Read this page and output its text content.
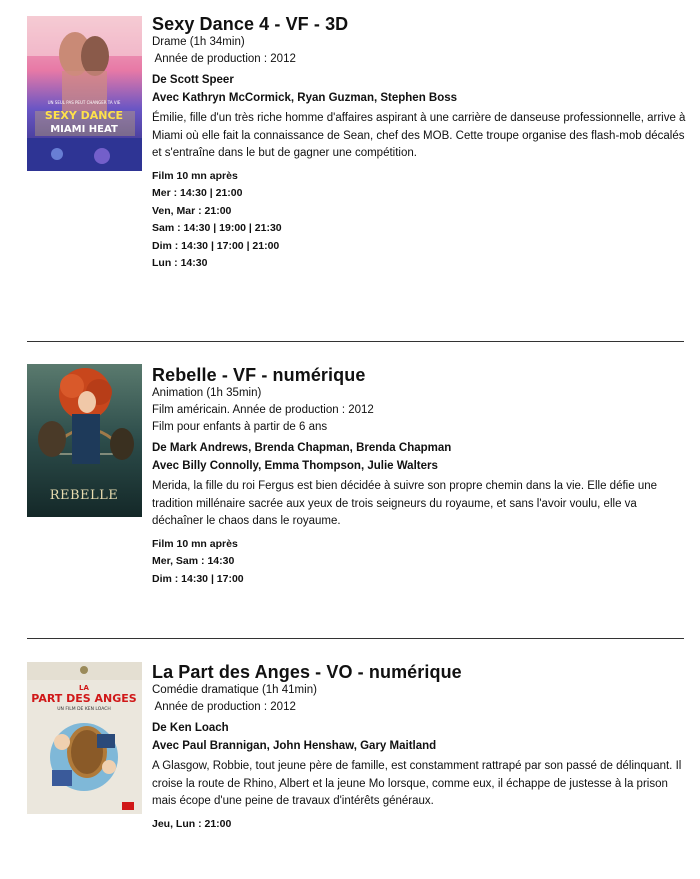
SEXY DANCE
MIAMI HEAT
UN SEUL PAS PEUT CHANGER TA VIE
Sexy Dance 4 - VF - 3D
Drame (1h 34min)
Année de production : 2012
De Scott Speer
Avec Kathryn McCormick, Ryan Guzman, Stephen Boss
Émilie, fille d'un très riche homme d'affaires aspirant à une carrière de danseuse professionnelle, arrive à Miami où elle fait la connaissance de Sean, chef des MOB. Cette troupe organise des flash-mob décalés et s'entraîne dans le but de gagner une compétition.
Film 10 mn après
Mer : 14:30 | 21:00
Ven, Mar : 21:00
Sam : 14:30 | 19:00 | 21:30
Dim : 14:30 | 17:00 | 21:00
Lun : 14:30
REBELLE
Rebelle - VF - numérique
Animation (1h 35min)
Film américain. Année de production : 2012
Film pour enfants à partir de 6 ans
De Mark Andrews, Brenda Chapman, Brenda Chapman
Avec Billy Connolly, Emma Thompson, Julie Walters
Merida, la fille du roi Fergus est bien décidée à suivre son propre chemin dans la vie. Elle défie une tradition millénaire sacrée aux yeux de trois seigneurs du royaume, et sans l'avoir voulu, elle va déchaîner le chaos dans le royaume.
Film 10 mn après
Mer, Sam : 14:30
Dim : 14:30 | 17:00
LA
PART DES ANGES
UN FILM DE KEN LOACH
La Part des Anges - VO - numérique
Comédie dramatique (1h 41min)
Année de production : 2012
De Ken Loach
Avec Paul Brannigan, John Henshaw, Gary Maitland
A Glasgow, Robbie, tout jeune père de famille, est constamment rattrapé par son passé de délinquant. Il croise la route de Rhino, Albert et la jeune Mo lorsque, comme eux, il échappe de justesse à la prison mais écope d'une peine de travaux d'intérêts généraux.
Jeu, Lun : 21:00
